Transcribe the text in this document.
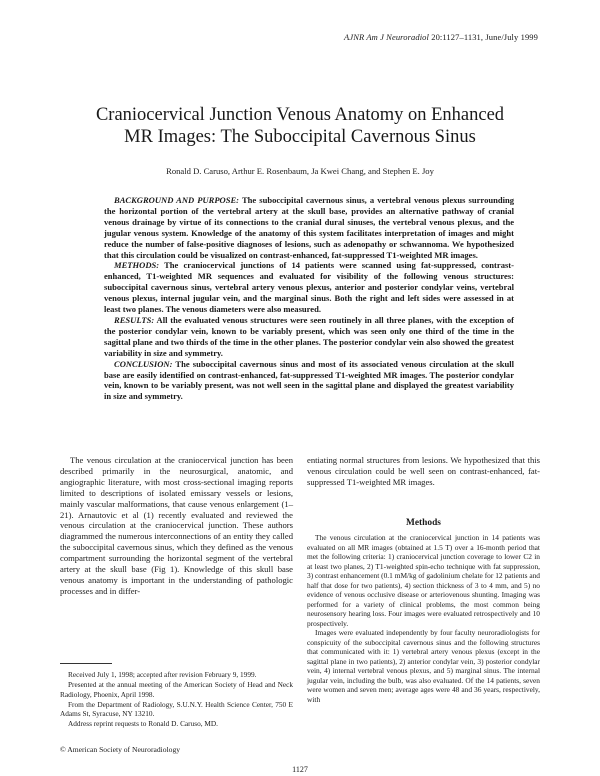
AJNR Am J Neuroradiol 20:1127–1131, June/July 1999
Craniocervical Junction Venous Anatomy on Enhanced
MR Images: The Suboccipital Cavernous Sinus
Ronald D. Caruso, Arthur E. Rosenbaum, Ja Kwei Chang, and Stephen E. Joy

BACKGROUND AND PURPOSE: The suboccipital cavernous sinus, a vertebral venous plexus surrounding the horizontal portion of the vertebral artery at the skull base, provides an alternative pathway of cranial venous drainage by virtue of its connections to the cranial dural sinuses, the vertebral venous plexus, and the jugular venous system. Knowledge of the anatomy of this system facilitates interpretation of images and might reduce the number of false-positive diagnoses of lesions, such as adenopathy or schwannoma. We hypothesized that this circulation could be visualized on contrast-enhanced, fat-suppressed T1-weighted MR images.

METHODS: The craniocervical junctions of 14 patients were scanned using fat-suppressed, contrast-enhanced, T1-weighted MR sequences and evaluated for visibility of the following venous structures: suboccipital cavernous sinus, vertebral artery venous plexus, anterior and posterior condylar veins, vertebral venous plexus, internal jugular vein, and the marginal sinus. Both the right and left sides were assessed in at least two planes. The venous diameters were also measured.

RESULTS: All the evaluated venous structures were seen routinely in all three planes, with the exception of the posterior condylar vein, known to be variably present, which was seen only one third of the time in the sagittal plane and two thirds of the time in the other planes. The posterior condylar vein also showed the greatest variability in size and symmetry.

CONCLUSION: The suboccipital cavernous sinus and most of its associated venous circulation at the skull base are easily identified on contrast-enhanced, fat-suppressed T1-weighted MR images. The posterior condylar vein, known to be variably present, was not well seen in the sagittal plane and displayed the greatest variability in size and symmetry.

The venous circulation at the craniocervical junction has been described primarily in the neurosurgical, anatomic, and angiographic literature, with most cross-sectional imaging reports limited to descriptions of isolated emissary vessels or lesions, mainly vascular malformations, that cause venous enlargement (1–21). Arnautovic et al (1) recently evaluated and reviewed the venous circulation at the craniocervical junction. These authors diagrammed the numerous interconnections of an entity they called the suboccipital cavernous sinus, which they defined as the venous compartment surrounding the horizontal segment of the vertebral artery at the skull base (Fig 1). Knowledge of this skull base venous anatomy is important in the understanding of pathologic processes and in differ-

entiating normal structures from lesions. We hypothesized that this venous circulation could be well seen on contrast-enhanced, fat-suppressed T1-weighted MR images.

Methods

The venous circulation at the craniocervical junction in 14 patients was evaluated on all MR images (obtained at 1.5 T) over a 16-month period that met the following criteria: 1) craniocervical junction coverage to lower C2 in at least two planes, 2) T1-weighted spin-echo technique with fat suppression, 3) contrast enhancement (0.1 mM/kg of gadolinium chelate for 12 patients and half that dose for two patients), 4) section thickness of 3 to 4 mm, and 5) no evidence of venous occlusive disease or arteriovenous shunting. Imaging was performed for a variety of clinical problems, the most common being neurosensory hearing loss. Four images were evaluated retrospectively and 10 prospectively.

Images were evaluated independently by four faculty neuroradiologists for conspicuity of the suboccipital cavernous sinus and the following structures that communicated with it: 1) vertebral artery venous plexus (except in the sagittal plane in two patients), 2) anterior condylar vein, 3) posterior condylar vein, 4) internal vertebral venous plexus, and 5) marginal sinus. The internal jugular vein, including the bulb, was also evaluated. Of the 14 patients, seven were women and seven men; average ages were 48 and 36 years, respectively, with

Received July 1, 1998; accepted after revision February 9, 1999.

Presented at the annual meeting of the American Society of Head and Neck Radiology, Phoenix, April 1998.

From the Department of Radiology, S.U.N.Y. Health Science Center, 750 E Adams St, Syracuse, NY 13210.

Address reprint requests to Ronald D. Caruso, MD.

© American Society of Neuroradiology
1127
